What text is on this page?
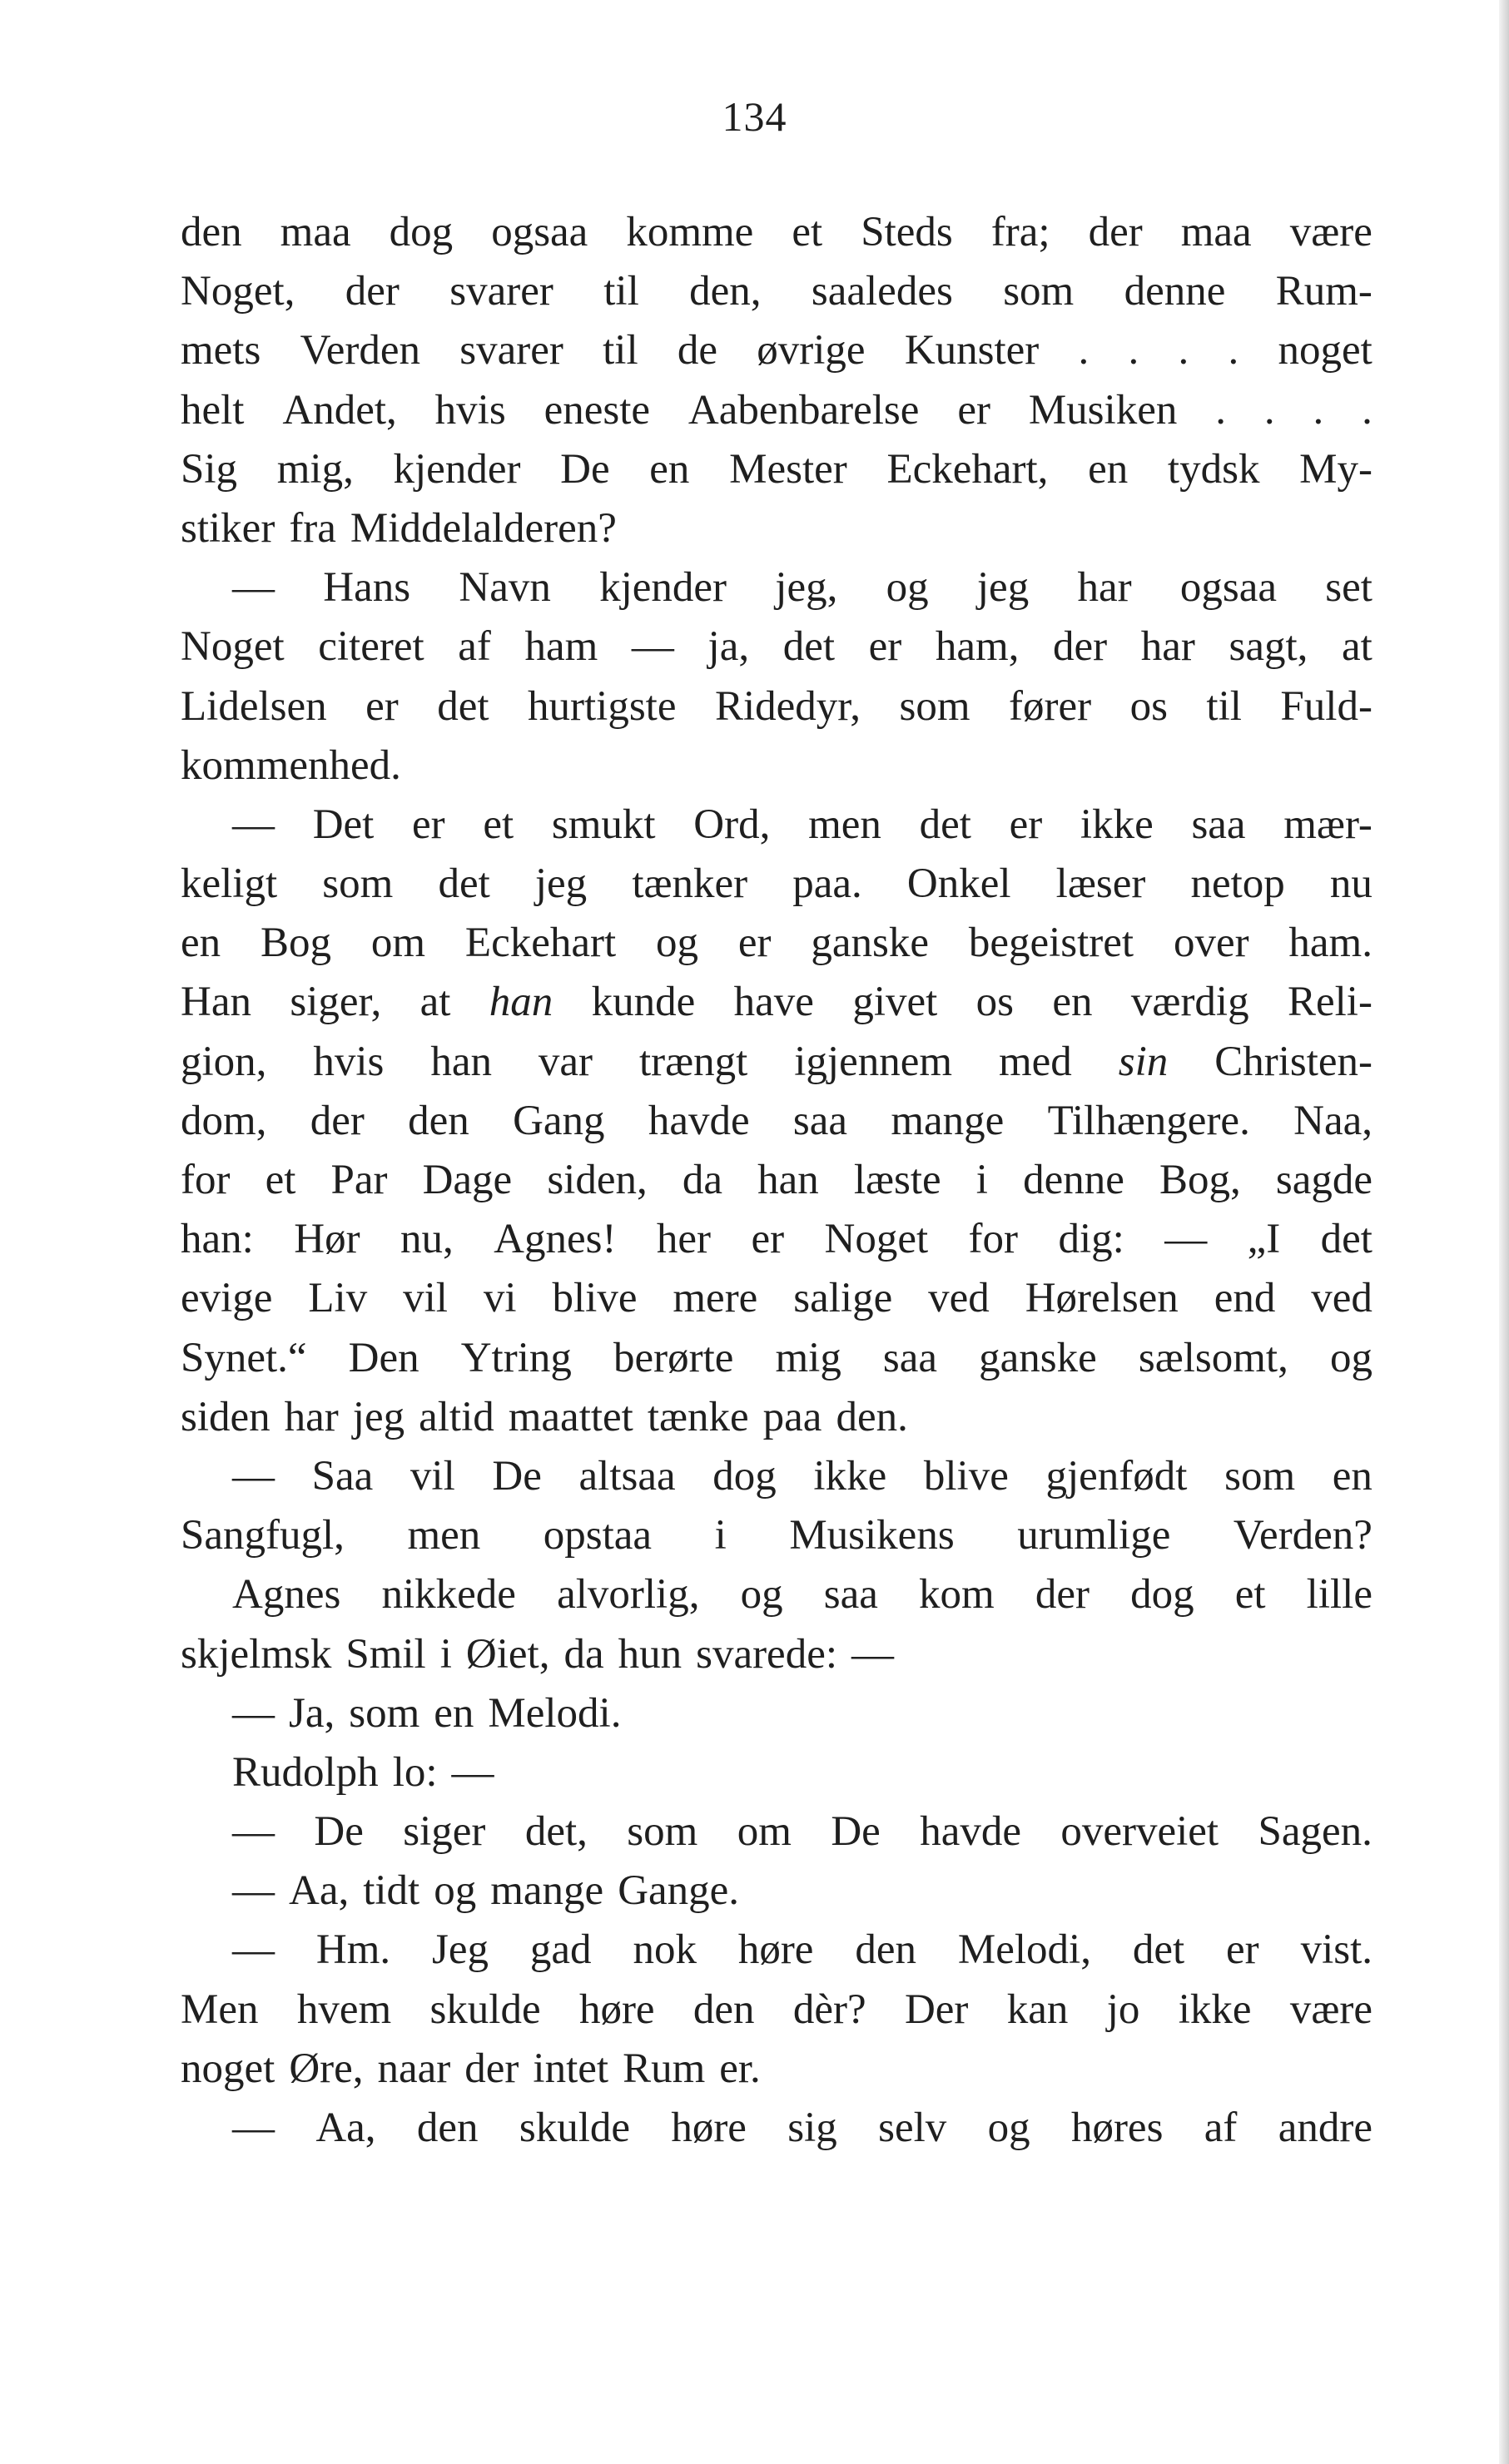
134
den maa dog ogsaa komme et Steds fra; der maa være
Noget, der svarer til den, saaledes som denne Rum-
mets Verden svarer til de øvrige Kunster . . . . noget
helt Andet, hvis eneste Aabenbarelse er Musiken . . . .
Sig mig, kjender De en Mester Eckehart, en tydsk My-
stiker fra Middelalderen?
— Hans Navn kjender jeg, og jeg har ogsaa set
Noget citeret af ham — ja, det er ham, der har sagt, at
Lidelsen er det hurtigste Ridedyr, som fører os til Fuld-
kommenhed.
— Det er et smukt Ord, men det er ikke saa mær-
keligt som det jeg tænker paa. Onkel læser netop nu
en Bog om Eckehart og er ganske begeistret over ham.
Han siger, at han kunde have givet os en værdig Reli-
gion, hvis han var trængt igjennem med sin Christen-
dom, der den Gang havde saa mange Tilhængere. Naa,
for et Par Dage siden, da han læste i denne Bog, sagde
han: Hør nu, Agnes! her er Noget for dig: — „I det
evige Liv vil vi blive mere salige ved Hørelsen end ved
Synet.“ Den Ytring berørte mig saa ganske sælsomt, og
siden har jeg altid maattet tænke paa den.
— Saa vil De altsaa dog ikke blive gjenfødt som en
Sangfugl, men opstaa i Musikens urumlige Verden?
Agnes nikkede alvorlig, og saa kom der dog et lille
skjelmsk Smil i Øiet, da hun svarede: —
— Ja, som en Melodi.
Rudolph lo: —
— De siger det, som om De havde overveiet Sagen.
— Aa, tidt og mange Gange.
— Hm. Jeg gad nok høre den Melodi, det er vist.
Men hvem skulde høre den dèr? Der kan jo ikke være
noget Øre, naar der intet Rum er.
— Aa, den skulde høre sig selv og høres af andre
